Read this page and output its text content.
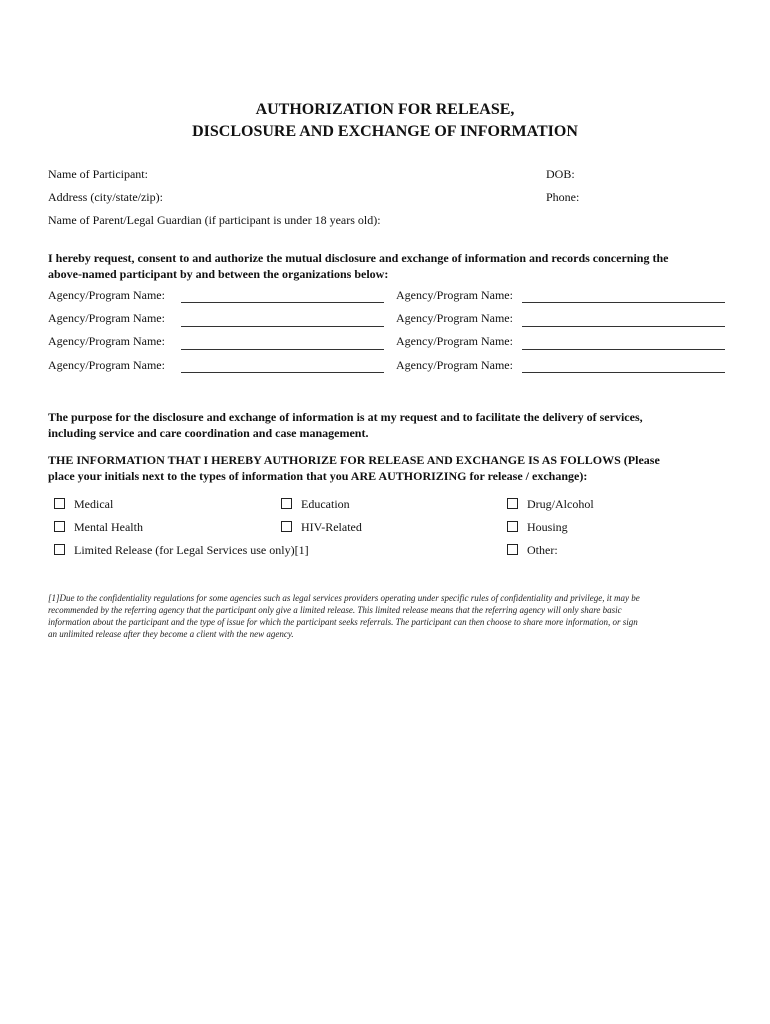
AUTHORIZATION FOR RELEASE,
DISCLOSURE AND EXCHANGE OF INFORMATION
Name of Participant:	DOB:
Address (city/state/zip):	Phone:
Name of Parent/Legal Guardian (if participant is under 18 years old):
I hereby request, consent to and authorize the mutual disclosure and exchange of information and records concerning the
above-named participant by and between the organizations below:
Agency/Program Name:	Agency/Program Name:
Agency/Program Name:	Agency/Program Name:
Agency/Program Name:	Agency/Program Name:
Agency/Program Name:	Agency/Program Name:
The purpose for the disclosure and exchange of information is at my request and to facilitate the delivery of services,
including service and care coordination and case management.
THE INFORMATION THAT I HEREBY AUTHORIZE FOR RELEASE AND EXCHANGE IS AS FOLLOWS (Please
place your initials next to the types of information that you ARE AUTHORIZING for release / exchange):
Medical	Education	Drug/Alcohol
Mental Health	HIV-Related	Housing
Limited Release (for Legal Services use only)[1]	Other:
[1]Due to the confidentiality regulations for some agencies such as legal services providers operating under specific rules of confidentiality and privilege, it may be
recommended by the referring agency that the participant only give a limited release. This limited release means that the referring agency will only share basic
information about the participant and the type of issue for which the participant seeks referrals. The participant can then choose to share more information, or sign
an unlimited release after they become a client with the new agency.
